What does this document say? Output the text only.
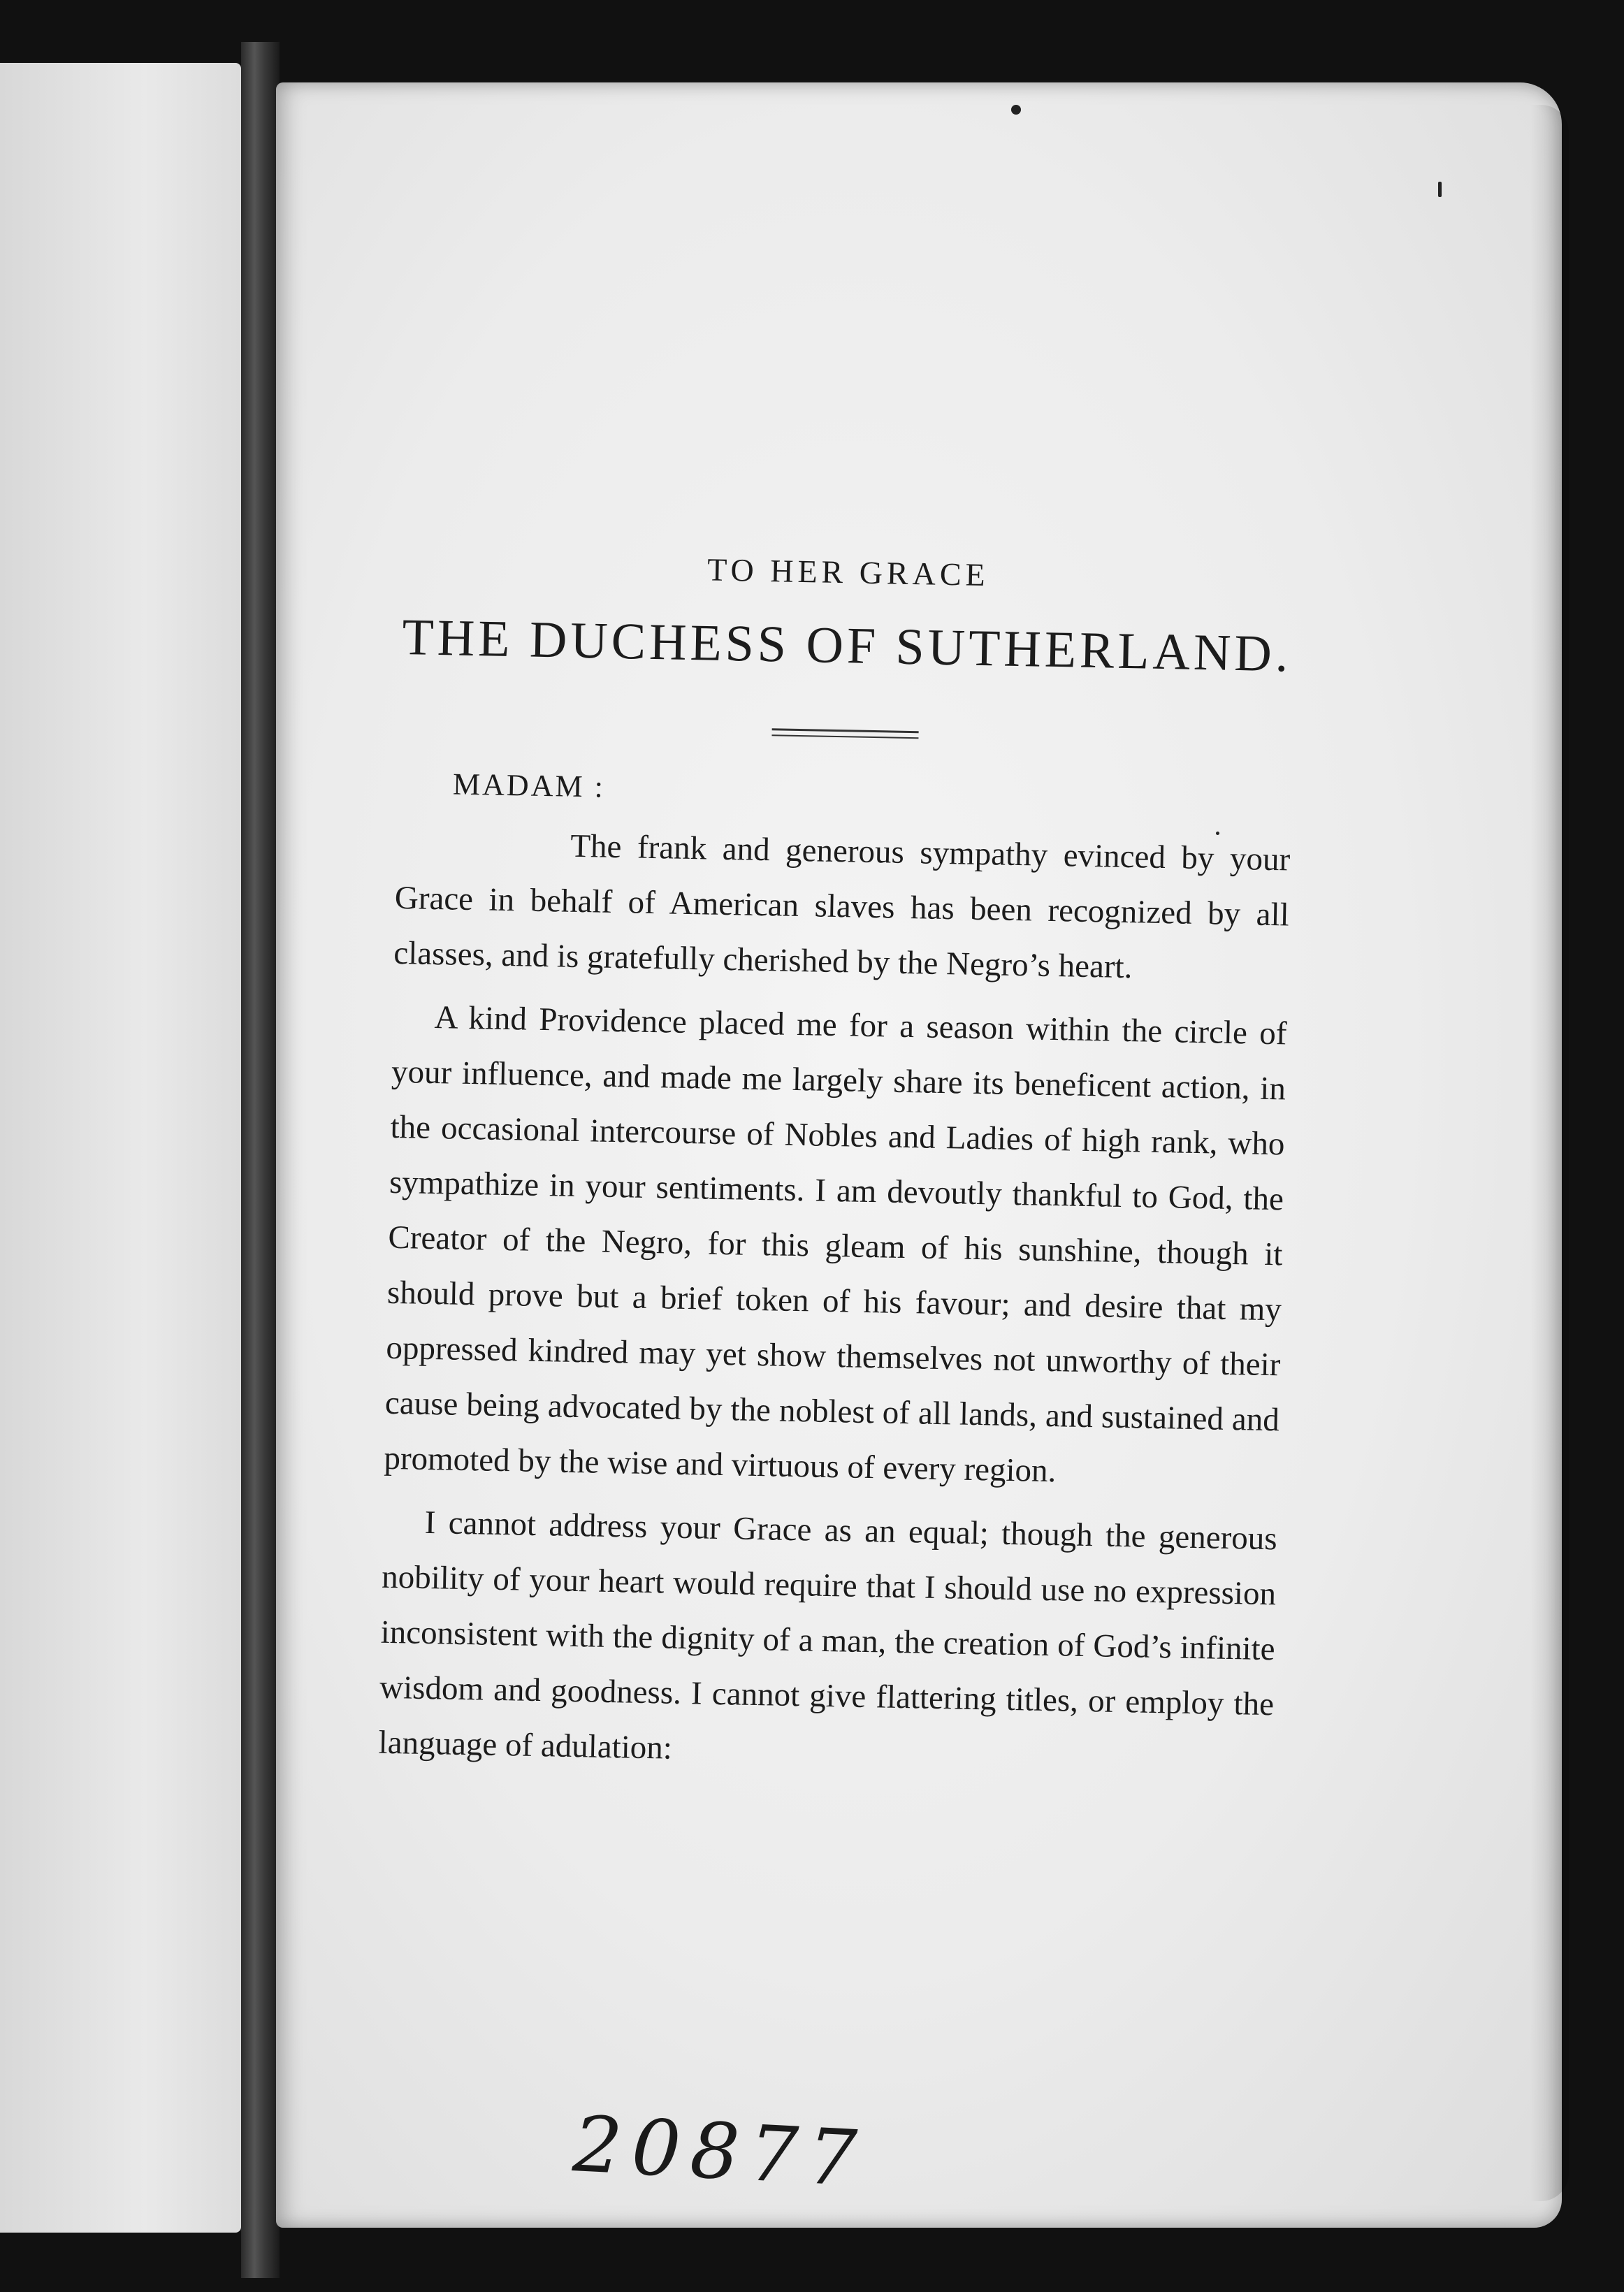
TO HER GRACE
THE DUCHESS OF SUTHERLAND.
MADAM :

The frank and generous sympathy evinced by your Grace in behalf of American slaves has been recognized by all classes, and is gratefully cherished by the Negro’s heart.

A kind Providence placed me for a season within the circle of your influence, and made me largely share its beneficent action, in the occasional intercourse of Nobles and Ladies of high rank, who sympathize in your sentiments. I am devoutly thankful to God, the Creator of the Negro, for this gleam of his sunshine, though it should prove but a brief token of his favour; and desire that my oppressed kindred may yet show themselves not unworthy of their cause being advocated by the noblest of all lands, and sustained and promoted by the wise and virtuous of every region.

I cannot address your Grace as an equal; though the generous nobility of your heart would require that I should use no expression inconsistent with the dignity of a man, the creation of God’s infinite wisdom and goodness. I cannot give flattering titles, or employ the language of adulation:

20877
